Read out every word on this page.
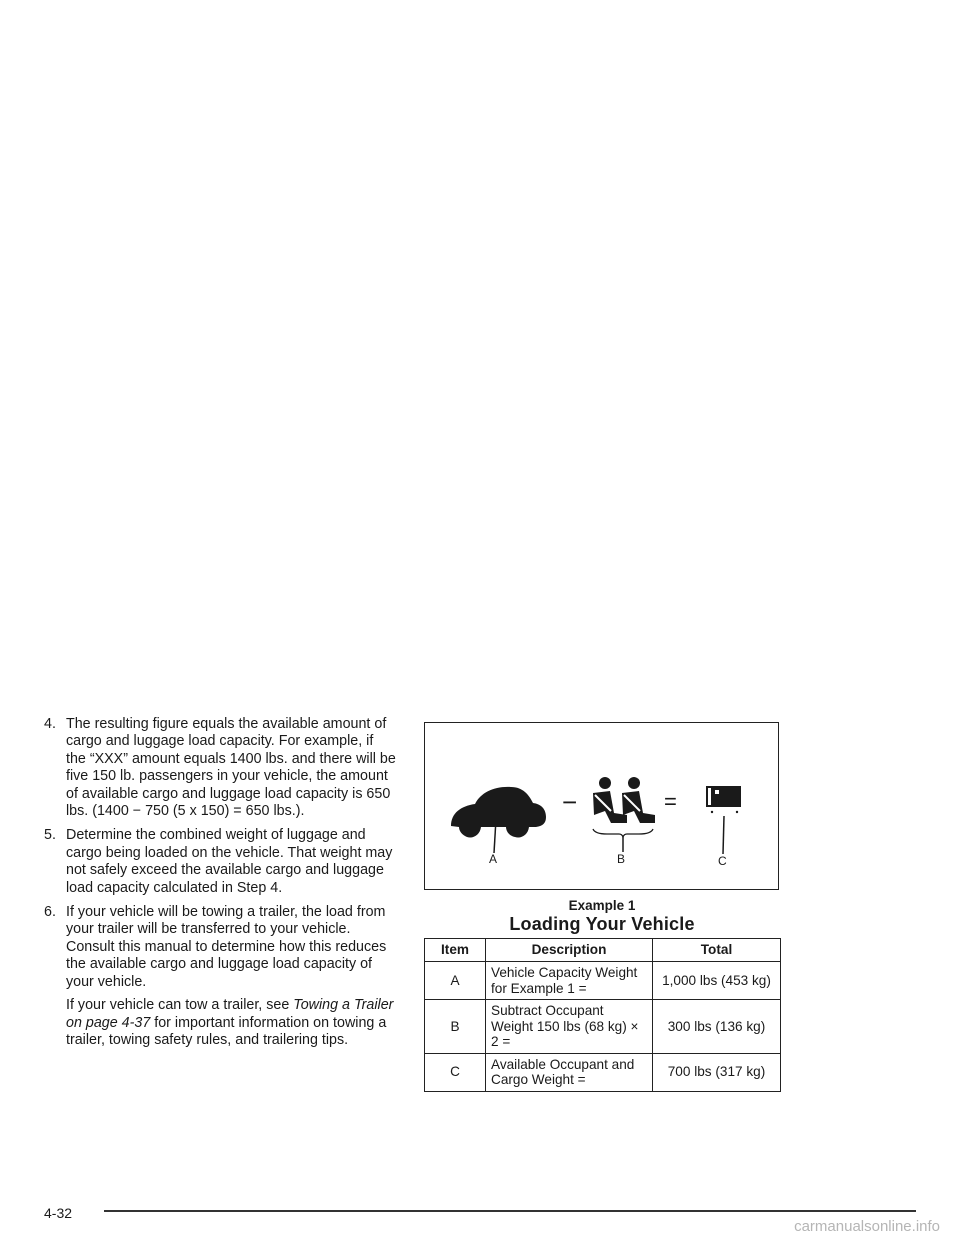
4. The resulting figure equals the available amount of cargo and luggage load capacity. For example, if the “XXX” amount equals 1400 lbs. and there will be five 150 lb. passengers in your vehicle, the amount of available cargo and luggage load capacity is 650 lbs. (1400 − 750 (5 x 150) = 650 lbs.).
5. Determine the combined weight of luggage and cargo being loaded on the vehicle. That weight may not safely exceed the available cargo and luggage load capacity calculated in Step 4.
6. If your vehicle will be towing a trailer, the load from your trailer will be transferred to your vehicle. Consult this manual to determine how this reduces the available cargo and luggage load capacity of your vehicle.
If your vehicle can tow a trailer, see Towing a Trailer on page 4-37 for important information on towing a trailer, towing safety rules, and trailering tips.
A
−
B
=
C
Example 1
Loading Your Vehicle
Item	Description	Total
A	Vehicle Capacity Weight for Example 1 =	1,000 lbs (453 kg)
B	Subtract Occupant Weight 150 lbs (68 kg) × 2 =	300 lbs (136 kg)
C	Available Occupant and Cargo Weight =	700 lbs (317 kg)
4-32
carmanualsonline.info
